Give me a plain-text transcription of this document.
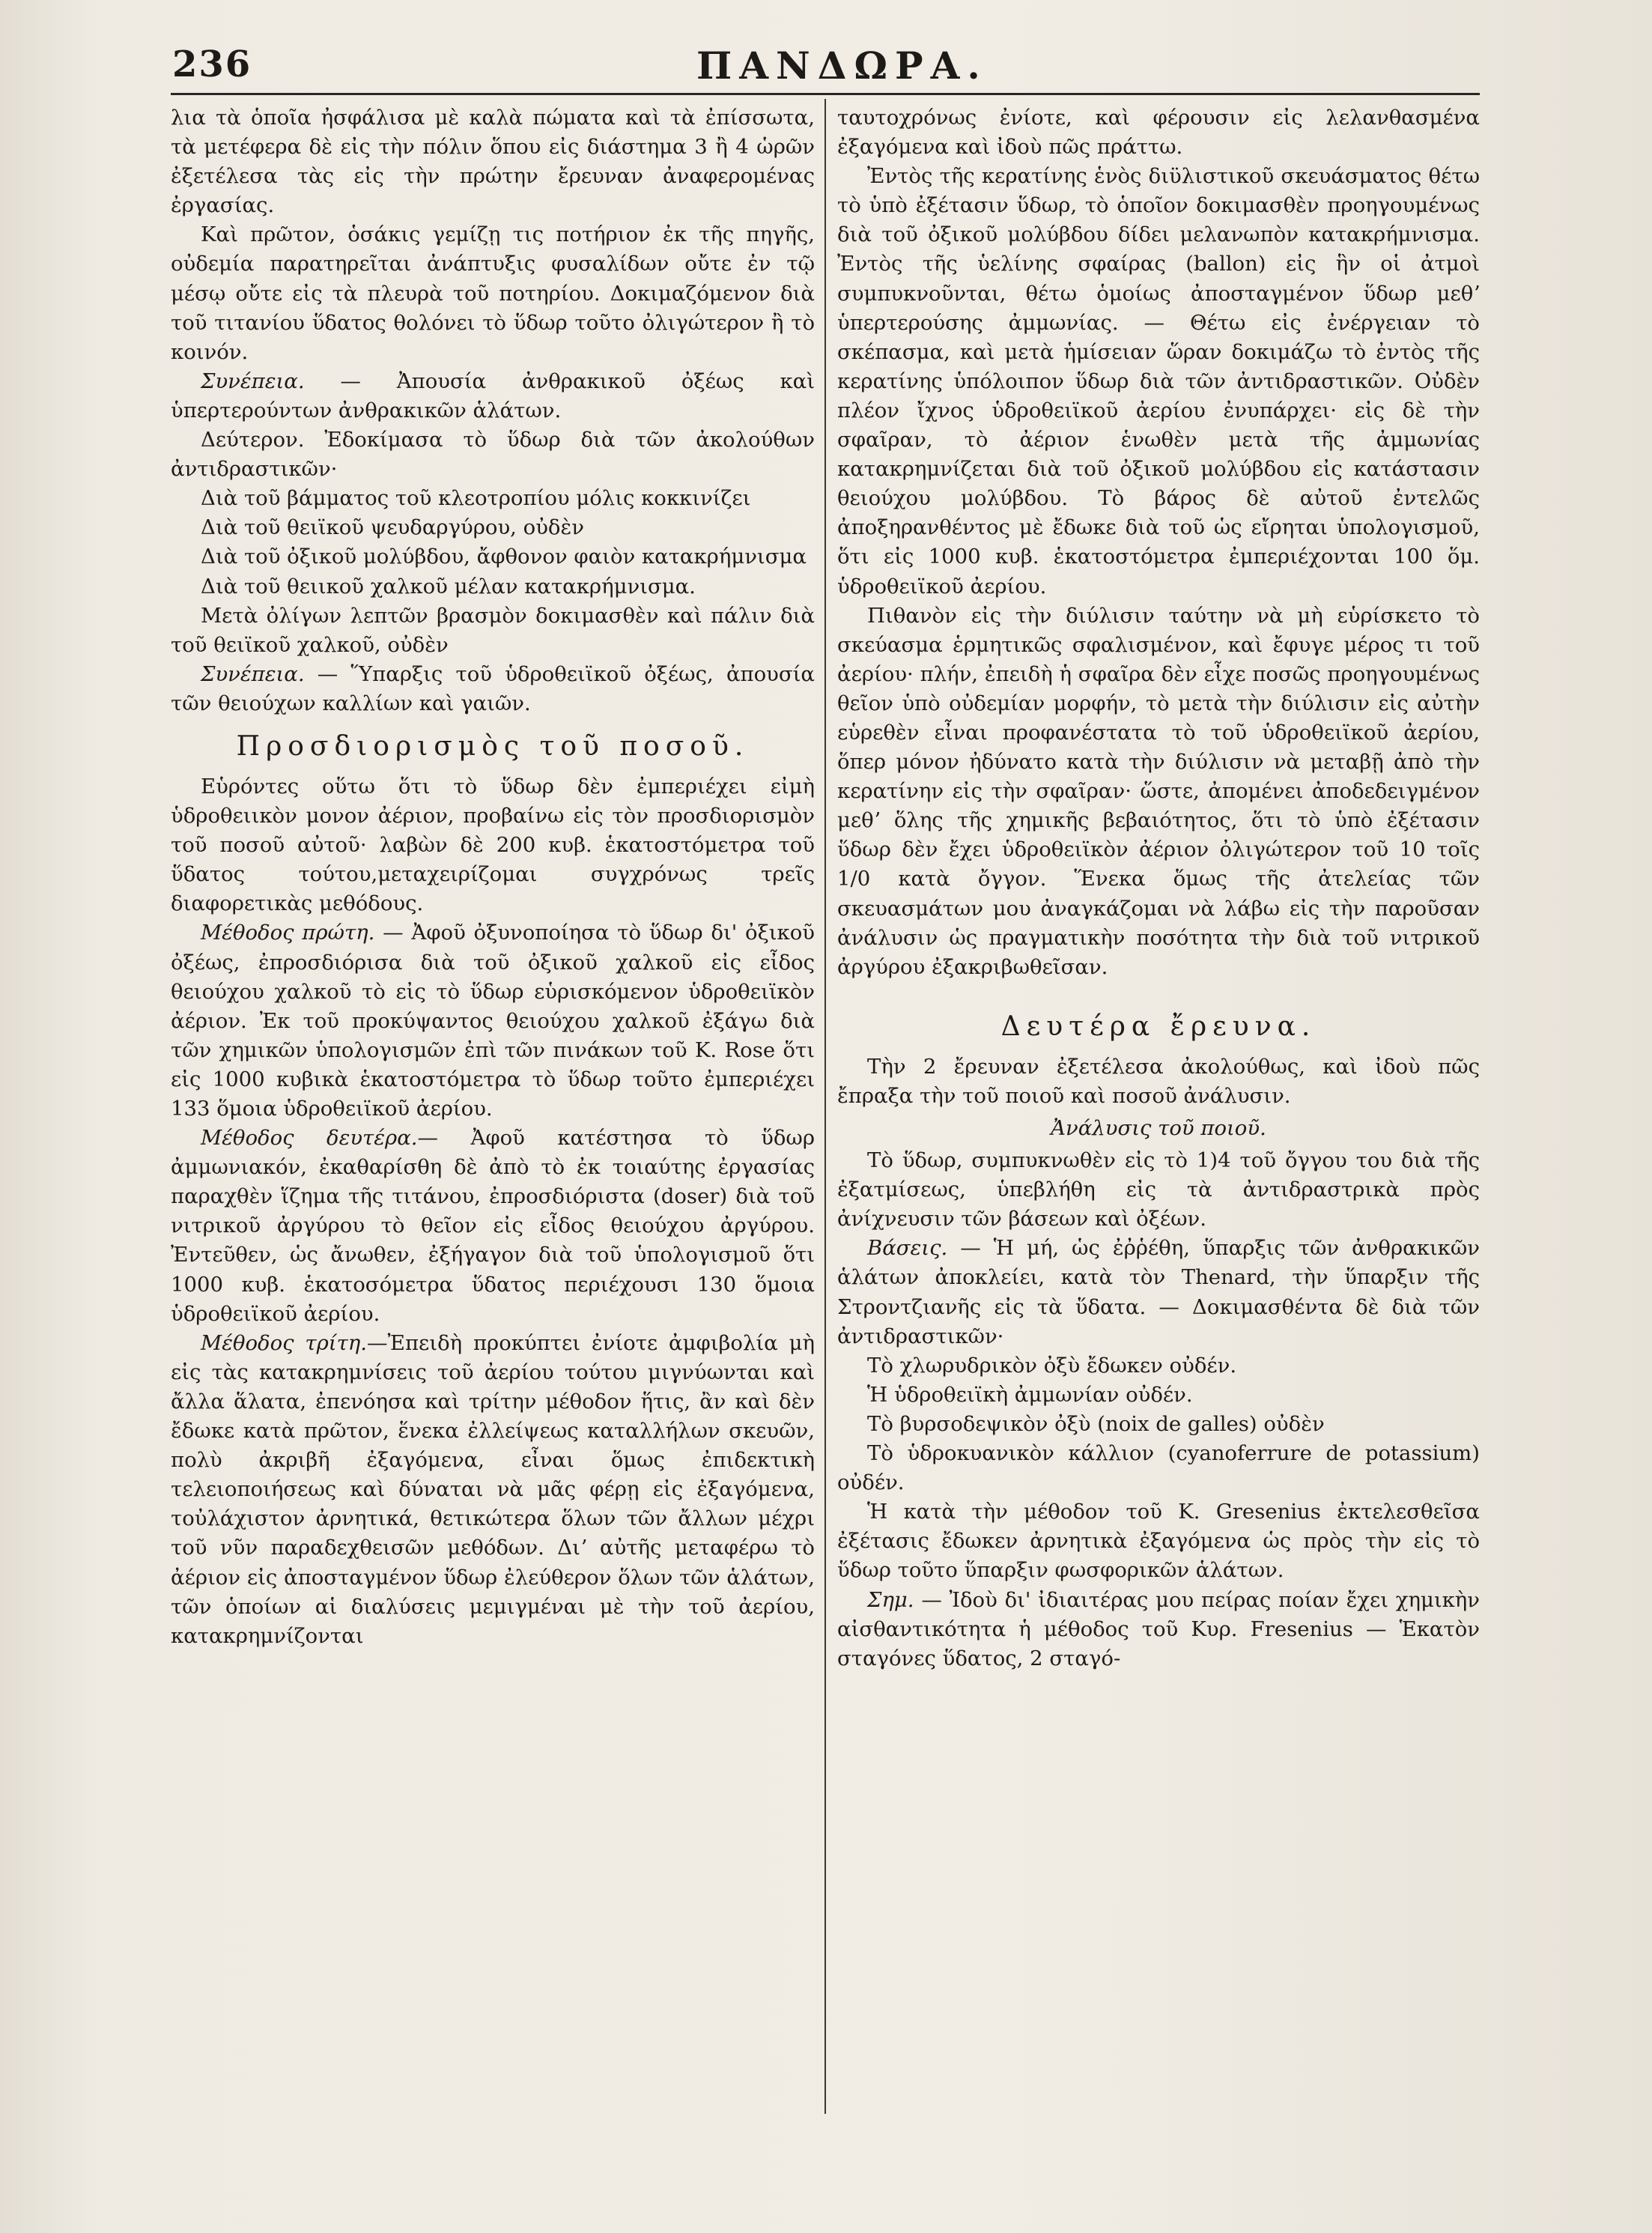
236	ΠΑΝΔΩΡΑ.

λια τὰ ὁποῖα ἠσφάλισα μὲ καλὰ πώματα καὶ τὰ ἐπίσσωτα, τὰ μετέφερα δὲ εἰς τὴν πόλιν ὅπου εἰς διάστημα 3 ἢ 4 ὡρῶν ἐξετέλεσα τὰς εἰς τὴν πρώτην ἔρευναν ἀναφερομένας ἐργασίας.

Καὶ πρῶτον, ὁσάκις γεμίζῃ τις ποτήριον ἐκ τῆς πηγῆς, οὐδεμία παρατηρεῖται ἀνάπτυξις φυσαλίδων οὔτε ἐν τῷ μέσῳ οὔτε εἰς τὰ πλευρὰ τοῦ ποτηρίου. Δοκιμαζόμενον διὰ τοῦ τιτανίου ὕδατος θολόνει τὸ ὕδωρ τοῦτο ὀλιγώτερον ἢ τὸ κοινόν.

Συνέπεια. — Ἀπουσία ἀνθρακικοῦ ὀξέως καὶ ὑπερτερούντων ἀνθρακικῶν ἁλάτων.

Δεύτερον. Ἐδοκίμασα τὸ ὕδωρ διὰ τῶν ἀκολούθων ἀντιδραστικῶν·

Διὰ τοῦ βάμματος τοῦ κλεοτροπίου μόλις κοκκινίζει

Διὰ τοῦ θειϊκοῦ ψευδαργύρου, οὐδὲν

Διὰ τοῦ ὀξικοῦ μολύβδου, ἄφθονον φαιὸν κατακρήμνισμα

Διὰ τοῦ θειικοῦ χαλκοῦ μέλαν κατακρήμνισμα.

Μετὰ ὀλίγων λεπτῶν βρασμὸν δοκιμασθὲν καὶ πάλιν διὰ τοῦ θειϊκοῦ χαλκοῦ, οὐδὲν

Συνέπεια. — Ὕπαρξις τοῦ ὑδροθειϊκοῦ ὀξέως, ἀπουσία τῶν θειούχων καλλίων καὶ γαιῶν.

Προσδιορισμὸς τοῦ ποσοῦ.

Εὑρόντες οὕτω ὅτι τὸ ὕδωρ δὲν ἐμπεριέχει εἰμὴ ὑδροθειικὸν μονον ἀέριον, προβαίνω εἰς τὸν προσδιορισμὸν τοῦ ποσοῦ αὐτοῦ· λαβὼν δὲ 200 κυβ. ἑκατοστόμετρα τοῦ ὕδατος τούτου,μεταχειρίζομαι συγχρόνως τρεῖς διαφορετικὰς μεθόδους.

Μέθοδος πρώτη. — Ἀφοῦ ὀξυνοποίησα τὸ ὕδωρ δι' ὀξικοῦ ὀξέως, ἐπροσδιόρισα διὰ τοῦ ὀξικοῦ χαλκοῦ εἰς εἶδος θειούχου χαλκοῦ τὸ εἰς τὸ ὕδωρ εὑρισκόμενον ὑδροθειϊκὸν ἀέριον. Ἐκ τοῦ προκύψαντος θειούχου χαλκοῦ ἐξάγω διὰ τῶν χημικῶν ὑπολογισμῶν ἐπὶ τῶν πινάκων τοῦ Κ. Rose ὅτι εἰς 1000 κυβικὰ ἑκατοστόμετρα τὸ ὕδωρ τοῦτο ἐμπεριέχει 133 ὅμοια ὑδροθειϊκοῦ ἀερίου.

Μέθοδος δευτέρα.— Ἀφοῦ κατέστησα τὸ ὕδωρ ἀμμωνιακόν, ἐκαθαρίσθη δὲ ἀπὸ τὸ ἐκ τοιαύτης ἐργασίας παραχθὲν ἵζημα τῆς τιτάνου, ἐπροσδιόριστα (doser) διὰ τοῦ νιτρικοῦ ἀργύρου τὸ θεῖον εἰς εἶδος θειούχου ἀργύρου. Ἐντεῦθεν, ὡς ἄνωθεν, ἐξήγαγον διὰ τοῦ ὑπολογισμοῦ ὅτι 1000 κυβ. ἑκατοσόμετρα ὕδατος περιέχουσι 130 ὅμοια ὑδροθειϊκοῦ ἀερίου.

Μέθοδος τρίτη.—Ἐπειδὴ προκύπτει ἐνίοτε ἀμφιβολία μὴ εἰς τὰς κατακρημνίσεις τοῦ ἀερίου τούτου μιγνύωνται καὶ ἄλλα ἅλατα, ἐπενόησα καὶ τρίτην μέθοδον ἥτις, ἂν καὶ δὲν ἔδωκε κατὰ πρῶτον, ἕνεκα ἐλλείψεως καταλλήλων σκευῶν, πολὺ ἀκριβῆ ἐξαγόμενα, εἶναι ὅμως ἐπιδεκτικὴ τελειοποιήσεως καὶ δύναται νὰ μᾶς φέρῃ εἰς ἐξαγόμενα, τοὐλάχιστον ἀρνητικά, θετικώτερα ὅλων τῶν ἄλλων μέχρι τοῦ νῦν παραδεχθεισῶν μεθόδων. Διʼ αὐτῆς μεταφέρω τὸ ἀέριον εἰς ἀποσταγμένον ὕδωρ ἐλεύθερον ὅλων τῶν ἁλάτων, τῶν ὁποίων αἱ διαλύσεις μεμιγμέναι μὲ τὴν τοῦ ἀερίου, κατακρημνίζονται

ταυτοχρόνως ἐνίοτε, καὶ φέρουσιν εἰς λελανθασμένα ἐξαγόμενα καὶ ἰδοὺ πῶς πράττω.

Ἐντὸς τῆς κερατίνης ἑνὸς διϋλιστικοῦ σκευάσματος θέτω τὸ ὑπὸ ἐξέτασιν ὕδωρ, τὸ ὁποῖον δοκιμασθὲν προηγουμένως διὰ τοῦ ὀξικοῦ μολύβδου δίδει μελανωπὸν κατακρήμνισμα. Ἐντὸς τῆς ὑελίνης σφαίρας (ballon) εἰς ἣν οἱ ἀτμοὶ συμπυκνοῦνται, θέτω ὁμοίως ἀποσταγμένον ὕδωρ μεθʼ ὑπερτερούσης ἀμμωνίας. — Θέτω εἰς ἐνέργειαν τὸ σκέπασμα, καὶ μετὰ ἡμίσειαν ὥραν δοκιμάζω τὸ ἐντὸς τῆς κερατίνης ὑπόλοιπον ὕδωρ διὰ τῶν ἀντιδραστικῶν. Οὐδὲν πλέον ἴχνος ὑδροθειϊκοῦ ἀερίου ἐνυπάρχει· εἰς δὲ τὴν σφαῖραν, τὸ ἀέριον ἑνωθὲν μετὰ τῆς ἀμμωνίας κατακρημνίζεται διὰ τοῦ ὀξικοῦ μολύβδου εἰς κατάστασιν θειούχου μολύβδου. Τὸ βάρος δὲ αὐτοῦ ἐντελῶς ἀποξηρανθέντος μὲ ἔδωκε διὰ τοῦ ὡς εἴρηται ὑπολογισμοῦ, ὅτι εἰς 1000 κυβ. ἑκατοστόμετρα ἐμπεριέχονται 100 ὅμ. ὑδροθειϊκοῦ ἀερίου.

Πιθανὸν εἰς τὴν διύλισιν ταύτην νὰ μὴ εὑρίσκετο τὸ σκεύασμα ἑρμητικῶς σφαλισμένον, καὶ ἔφυγε μέρος τι τοῦ ἀερίου· πλήν, ἐπειδὴ ἡ σφαῖρα δὲν εἶχε ποσῶς προηγουμένως θεῖον ὑπὸ οὐδεμίαν μορφήν, τὸ μετὰ τὴν διύλισιν εἰς αὐτὴν εὑρεθὲν εἶναι προφανέστατα τὸ τοῦ ὑδροθειϊκοῦ ἀερίου, ὅπερ μόνον ἠδύνατο κατὰ τὴν διύλισιν νὰ μεταβῇ ἀπὸ τὴν κερατίνην εἰς τὴν σφαῖραν· ὥστε, ἀπομένει ἀποδεδειγμένον μεθʼ ὅλης τῆς χημικῆς βεβαιότητος, ὅτι τὸ ὑπὸ ἐξέτασιν ὕδωρ δὲν ἔχει ὑδροθειϊκὸν ἀέριον ὀλιγώτερον τοῦ 10 τοῖς 1/0 κατὰ ὄγγον. Ἕνεκα ὅμως τῆς ἀτελείας τῶν σκευασμάτων μου ἀναγκάζομαι νὰ λάβω εἰς τὴν παροῦσαν ἀνάλυσιν ὡς πραγματικὴν ποσότητα τὴν διὰ τοῦ νιτρικοῦ ἀργύρου ἐξακριβωθεῖσαν.

Δευτέρα ἔρευνα.

Τὴν 2 ἔρευναν ἐξετέλεσα ἀκολούθως, καὶ ἰδοὺ πῶς ἔπραξα τὴν τοῦ ποιοῦ καὶ ποσοῦ ἀνάλυσιν.

Ἀνάλυσις τοῦ ποιοῦ.

Τὸ ὕδωρ, συμπυκνωθὲν εἰς τὸ 1)4 τοῦ ὄγγου του διὰ τῆς ἐξατμίσεως, ὑπεβλήθη εἰς τὰ ἀντιδραστρικὰ πρὸς ἀνίχνευσιν τῶν βάσεων καὶ ὀξέων.

Βάσεις. — Ἡ μή, ὡς ἐῤῥέθη, ὕπαρξις τῶν ἀνθρακικῶν ἁλάτων ἀποκλείει, κατὰ τὸν Thenard, τὴν ὕπαρξιν τῆς Στροντζιανῆς εἰς τὰ ὕδατα. — Δοκιμασθέντα δὲ διὰ τῶν ἀντιδραστικῶν·

Τὸ χλωρυδρικὸν ὀξὺ ἔδωκεν οὐδέν.

Ἡ ὑδροθειϊκὴ ἀμμωνίαν οὐδέν.

Τὸ βυρσοδεψικὸν ὀξὺ (noix de galles) οὐδὲν

Τὸ ὑδροκυανικὸν κάλλιον (cyanoferrure de potassium) οὐδέν.

Ἡ κατὰ τὴν μέθοδον τοῦ Κ. Gresenius ἐκτελεσθεῖσα ἐξέτασις ἔδωκεν ἀρνητικὰ ἐξαγόμενα ὡς πρὸς τὴν εἰς τὸ ὕδωρ τοῦτο ὕπαρξιν φωσφορικῶν ἁλάτων.

Σημ. — Ἰδοὺ δι' ἰδιαιτέρας μου πείρας ποίαν ἔχει χημικὴν αἰσθαντικότητα ἡ μέθοδος τοῦ Κυρ. Fresenius — Ἑκατὸν σταγόνες ὕδατος, 2 σταγό-
